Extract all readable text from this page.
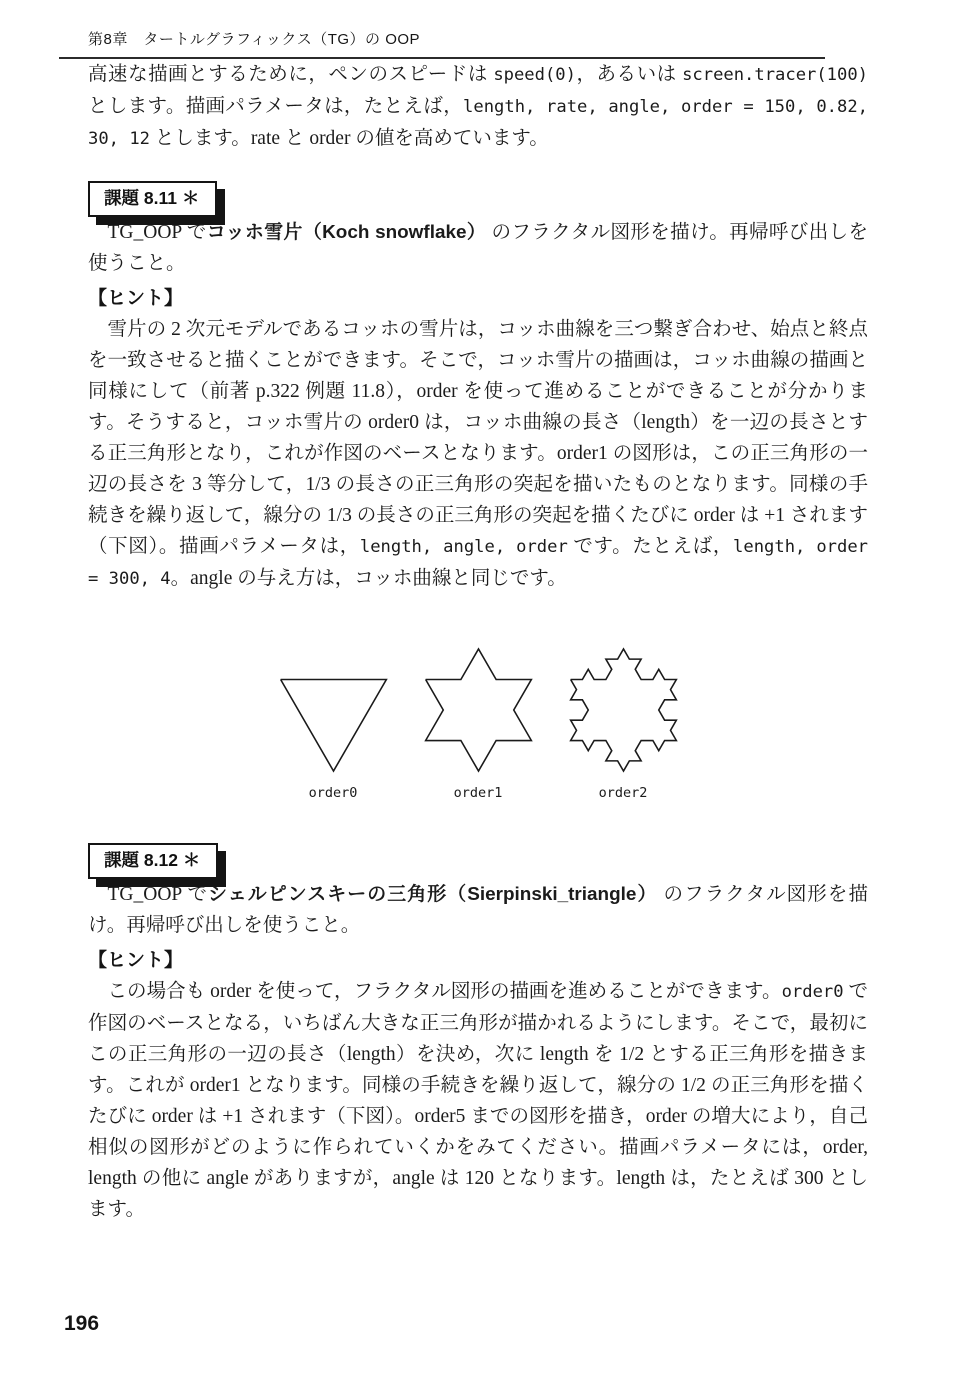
第8章　タートルグラフィックス（TG）の OOP

高速な描画とするために，ペンのスピードは speed(0)，あるいは screen.tracer(100) とします。描画パラメータは，たとえば，length, rate, angle, order = 150, 0.82, 30, 12 とします。rate と order の値を高めています。

課題 8.11 ＊

TG_OOP でコッホ雪片（Koch snowflake） のフラクタル図形を描け。再帰呼び出しを使うこと。

【ヒント】

雪片の 2 次元モデルであるコッホの雪片は，コッホ曲線を三つ繋ぎ合わせ、始点と終点を一致させると描くことができます。そこで，コッホ雪片の描画は，コッホ曲線の描画と同様にして（前著 p.322 例題 11.8），order を使って進めることができることが分かります。そうすると，コッホ雪片の order0 は，コッホ曲線の長さ（length）を一辺の長さとする正三角形となり，これが作図のベースとなります。order1 の図形は，この正三角形の一辺の長さを 3 等分して，1/3 の長さの正三角形の突起を描いたものとなります。同様の手続きを繰り返して，線分の 1/3 の長さの正三角形の突起を描くたびに order は +1 されます（下図）。描画パラメータは，length, angle, order です。たとえば，length, order = 300, 4。angle の与え方は，コッホ曲線と同じです。

order0	order1	order2
課題 8.12 ＊

TG_OOP でシェルピンスキーの三角形（Sierpinski_triangle） のフラクタル図形を描け。再帰呼び出しを使うこと。

【ヒント】

この場合も order を使って，フラクタル図形の描画を進めることができます。order0 で作図のベースとなる，いちばん大きな正三角形が描かれるようにします。そこで，最初にこの正三角形の一辺の長さ（length）を決め，次に length を 1/2 とする正三角形を描きます。これが order1 となります。同様の手続きを繰り返して，線分の 1/2 の正三角形を描くたびに order は +1 されます（下図）。order5 までの図形を描き，order の増大により，自己相似の図形がどのように作られていくかをみてください。描画パラメータには，order, length の他に angle がありますが，angle は 120 となります。length は，たとえば 300 とします。

196
